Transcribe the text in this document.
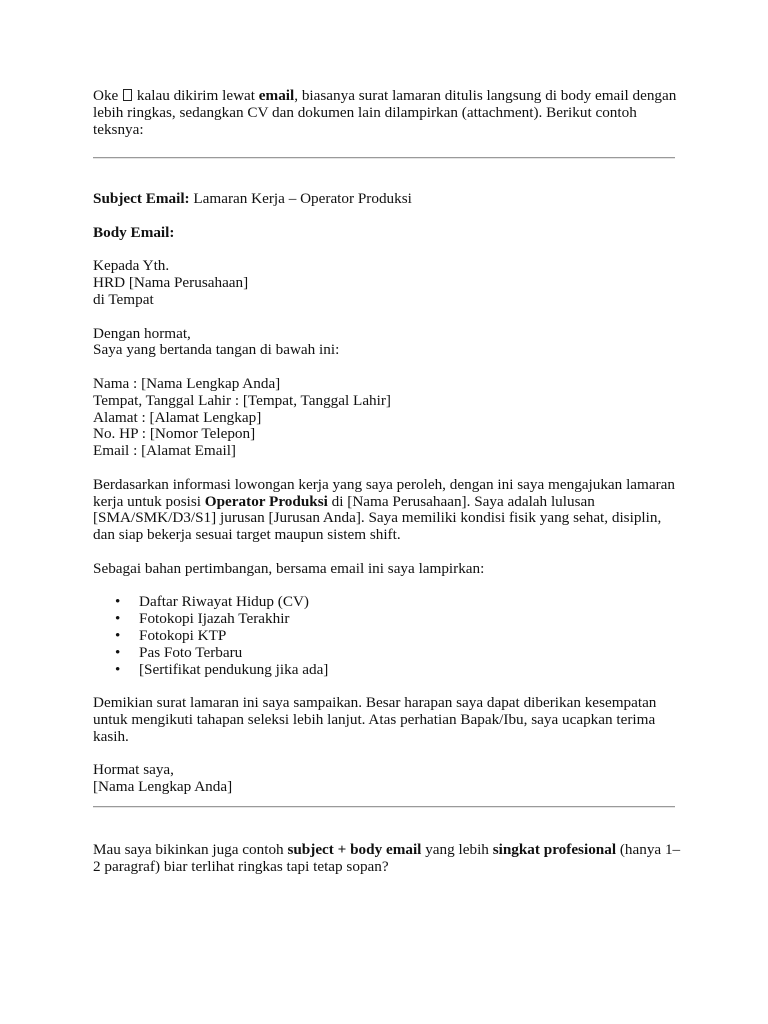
Oke  kalau dikirim lewat email, biasanya surat lamaran ditulis langsung di body email dengan lebih ringkas, sedangkan CV dan dokumen lain dilampirkan (attachment). Berikut contoh teksnya:

Subject Email: Lamaran Kerja – Operator Produksi

Body Email:

Kepada Yth.
HRD [Nama Perusahaan]
di Tempat

Dengan hormat,
Saya yang bertanda tangan di bawah ini:

Nama : [Nama Lengkap Anda]
Tempat, Tanggal Lahir : [Tempat, Tanggal Lahir]
Alamat : [Alamat Lengkap]
No. HP : [Nomor Telepon]
Email : [Alamat Email]

Berdasarkan informasi lowongan kerja yang saya peroleh, dengan ini saya mengajukan lamaran kerja untuk posisi Operator Produksi di [Nama Perusahaan]. Saya adalah lulusan [SMA/SMK/D3/S1] jurusan [Jurusan Anda]. Saya memiliki kondisi fisik yang sehat, disiplin, dan siap bekerja sesuai target maupun sistem shift.

Sebagai bahan pertimbangan, bersama email ini saya lampirkan:

• Daftar Riwayat Hidup (CV)
• Fotokopi Ijazah Terakhir
• Fotokopi KTP
• Pas Foto Terbaru
• [Sertifikat pendukung jika ada]

Demikian surat lamaran ini saya sampaikan. Besar harapan saya dapat diberikan kesempatan untuk mengikuti tahapan seleksi lebih lanjut. Atas perhatian Bapak/Ibu, saya ucapkan terima kasih.

Hormat saya,
[Nama Lengkap Anda]

Mau saya bikinkan juga contoh subject + body email yang lebih singkat profesional (hanya 1–2 paragraf) biar terlihat ringkas tapi tetap sopan?
